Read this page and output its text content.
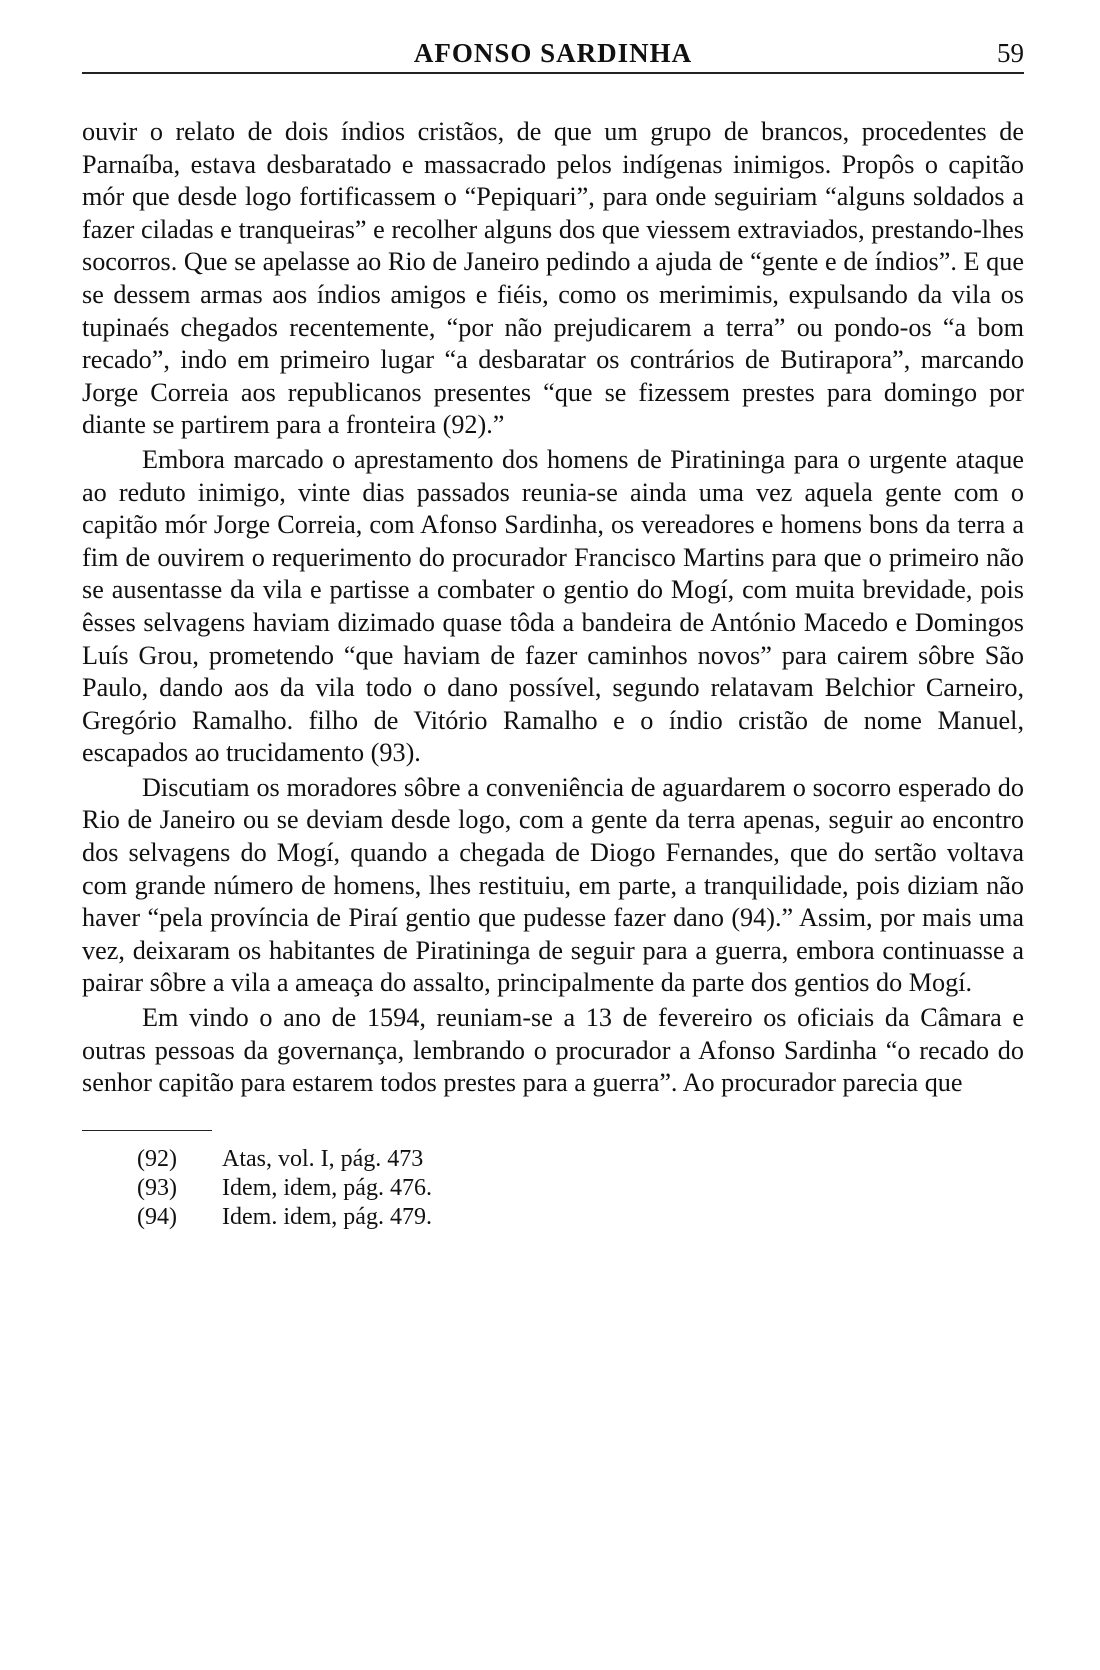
AFONSO SARDINHA	59

ouvir o relato de dois índios cristãos, de que um grupo de brancos, procedentes de Parnaíba, estava desbaratado e massacrado pelos indígenas inimigos. Propôs o capitão mór que desde logo fortificassem o “Pepiquari”, para onde seguiriam “alguns soldados a fazer ciladas e tranqueiras” e recolher alguns dos que viessem extraviados, prestando-lhes socorros. Que se apelasse ao Rio de Janeiro pedindo a ajuda de “gente e de índios”. E que se dessem armas aos índios amigos e fiéis, como os merimimis, expulsando da vila os tupinaés chegados recentemente, “por não prejudicarem a terra” ou pondo-os “a bom recado”, indo em primeiro lugar “a desbaratar os contrários de Butirapora”, marcando Jorge Correia aos republicanos presentes “que se fizessem prestes para domingo por diante se partirem para a fronteira (92).”

Embora marcado o aprestamento dos homens de Piratininga para o urgente ataque ao reduto inimigo, vinte dias passados reunia-se ainda uma vez aquela gente com o capitão mór Jorge Correia, com Afonso Sardinha, os vereadores e homens bons da terra a fim de ouvirem o requerimento do procurador Francisco Martins para que o primeiro não se ausentasse da vila e partisse a combater o gentio do Mogí, com muita brevidade, pois êsses selvagens haviam dizimado quase tôda a bandeira de António Macedo e Domingos Luís Grou, prometendo “que haviam de fazer caminhos novos” para cairem sôbre São Paulo, dando aos da vila todo o dano possível, segundo relatavam Belchior Carneiro, Gregório Ramalho. filho de Vitório Ramalho e o índio cristão de nome Manuel, escapados ao trucidamento (93).

Discutiam os moradores sôbre a conveniência de aguardarem o socorro esperado do Rio de Janeiro ou se deviam desde logo, com a gente da terra apenas, seguir ao encontro dos selvagens do Mogí, quando a chegada de Diogo Fernandes, que do sertão voltava com grande número de homens, lhes restituiu, em parte, a tranquilidade, pois diziam não haver “pela província de Piraí gentio que pudesse fazer dano (94).” Assim, por mais uma vez, deixaram os habitantes de Piratininga de seguir para a guerra, embora continuasse a pairar sôbre a vila a ameaça do assalto, principalmente da parte dos gentios do Mogí.

Em vindo o ano de 1594, reuniam-se a 13 de fevereiro os oficiais da Câmara e outras pessoas da governança, lembrando o procurador a Afonso Sardinha “o recado do senhor capitão para estarem todos prestes para a guerra”. Ao procurador parecia que

(92)	Atas, vol. I, pág. 473
(93)	Idem, idem, pág. 476.
(94)	Idem. idem, pág. 479.
